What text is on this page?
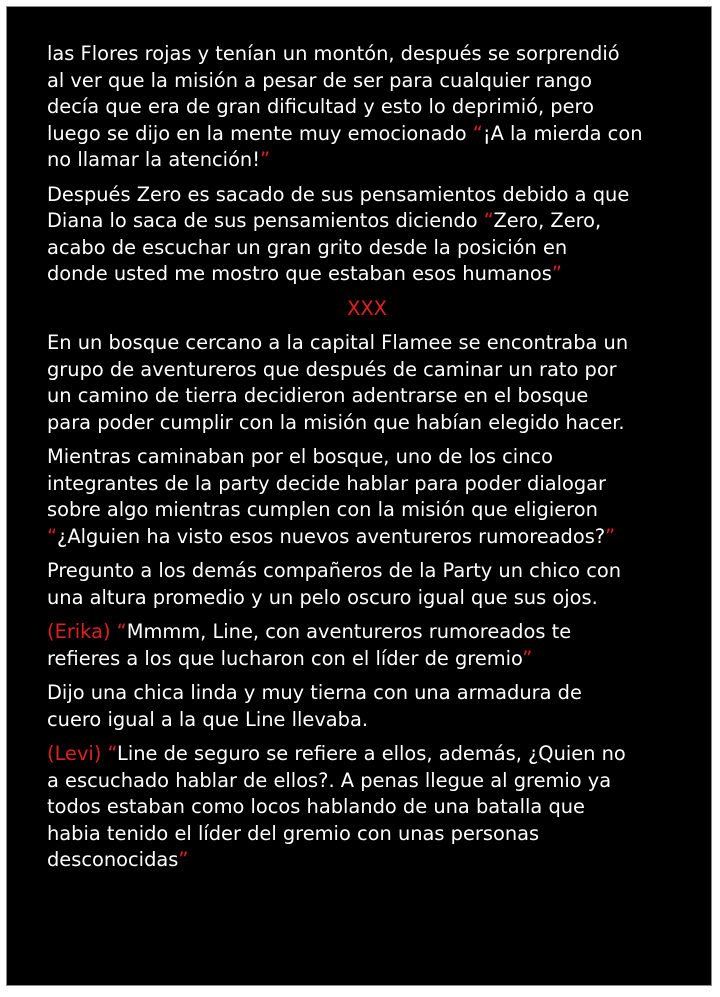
las Flores rojas y tenían un montón, después se sorprendió
al ver que la misión a pesar de ser para cualquier rango
decía que era de gran dificultad y esto lo deprimió, pero
luego se dijo en la mente muy emocionado “¡A la mierda con
no llamar la atención!”

Después Zero es sacado de sus pensamientos debido a que
Diana lo saca de sus pensamientos diciendo “Zero, Zero,
acabo de escuchar un gran grito desde la posición en
donde usted me mostro que estaban esos humanos”

XXX

En un bosque cercano a la capital Flamee se encontraba un
grupo de aventureros que después de caminar un rato por
un camino de tierra decidieron adentrarse en el bosque
para poder cumplir con la misión que habían elegido hacer.

Mientras caminaban por el bosque, uno de los cinco
integrantes de la party decide hablar para poder dialogar
sobre algo mientras cumplen con la misión que eligieron
“¿Alguien ha visto esos nuevos aventureros rumoreados?”

Pregunto a los demás compañeros de la Party un chico con
una altura promedio y un pelo oscuro igual que sus ojos.

(Erika) “Mmmm, Line, con aventureros rumoreados te
refieres a los que lucharon con el líder de gremio”

Dijo una chica linda y muy tierna con una armadura de
cuero igual a la que Line llevaba.

(Levi) “Line de seguro se refiere a ellos, además, ¿Quien no
a escuchado hablar de ellos?. A penas llegue al gremio ya
todos estaban como locos hablando de una batalla que
habia tenido el líder del gremio con unas personas
desconocidas”
